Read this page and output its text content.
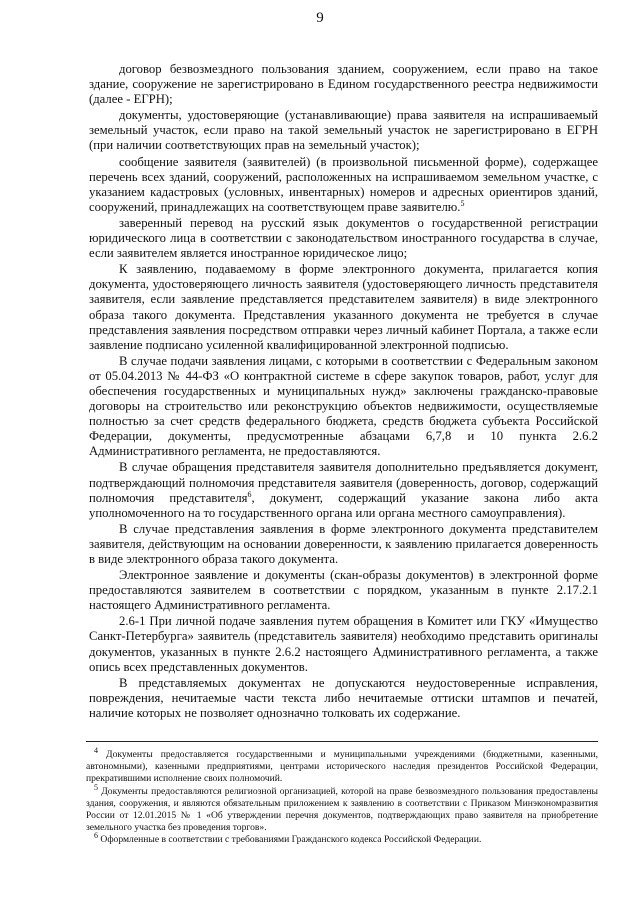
9

договор безвозмездного пользования зданием, сооружением, если право на такое здание, сооружение не зарегистрировано в Едином государственного реестра недвижимости (далее - ЕГРН);

документы, удостоверяющие (устанавливающие) права заявителя на испрашиваемый земельный участок, если право на такой земельный участок не зарегистрировано в ЕГРН (при наличии соответствующих прав на земельный участок);

сообщение заявителя (заявителей) (в произвольной письменной форме), содержащее перечень всех зданий, сооружений, расположенных на испрашиваемом земельном участке, с указанием кадастровых (условных, инвентарных) номеров и адресных ориентиров зданий, сооружений, принадлежащих на соответствующем праве заявителю.$^5$

заверенный перевод на русский язык документов о государственной регистрации юридического лица в соответствии с законодательством иностранного государства в случае, если заявителем является иностранное юридическое лицо;

К заявлению, подаваемому в форме электронного документа, прилагается копия документа, удостоверяющего личность заявителя (удостоверяющего личность представителя заявителя, если заявление представляется представителем заявителя) в виде электронного образа такого документа. Представления указанного документа не требуется в случае представления заявления посредством отправки через личный кабинет Портала, а также если заявление подписано усиленной квалифицированной электронной подписью.

В случае подачи заявления лицами, с которыми в соответствии с Федеральным законом от 05.04.2013 № 44-ФЗ «О контрактной системе в сфере закупок товаров, работ, услуг для обеспечения государственных и муниципальных нужд» заключены гражданско-правовые договоры на строительство или реконструкцию объектов недвижимости, осуществляемые полностью за счет средств федерального бюджета, средств бюджета субъекта Российской Федерации, документы, предусмотренные абзацами 6,7,8 и 10 пункта 2.6.2 Административного регламента, не предоставляются.

В случае обращения представителя заявителя дополнительно предъявляется документ, подтверждающий полномочия представителя заявителя (доверенность, договор, содержащий полномочия представителя$^6$, документ, содержащий указание закона либо акта уполномоченного на то государственного органа или органа местного самоуправления).

В случае представления заявления в форме электронного документа представителем заявителя, действующим на основании доверенности, к заявлению прилагается доверенность в виде электронного образа такого документа.

Электронное заявление и документы (скан-образы документов) в электронной форме предоставляются заявителем в соответствии с порядком, указанным в пункте 2.17.2.1 настоящего Административного регламента.

2.6-1 При личной подаче заявления путем обращения в Комитет или ГКУ «Имущество Санкт-Петербурга» заявитель (представитель заявителя) необходимо представить оригиналы документов, указанных в пункте 2.6.2 настоящего Административного регламента, а также опись всех представленных документов.

В представляемых документах не допускаются неудостоверенные исправления, повреждения, нечитаемые части текста либо нечитаемые оттиски штампов и печатей, наличие которых не позволяет однозначно толковать их содержание.

$^4$ Документы предоставляется государственными и муниципальными учреждениями (бюджетными, казенными, автономными), казенными предприятиями, центрами исторического наследия президентов Российской Федерации, прекратившими исполнение своих полномочий.

$^5$ Документы предоставляются религиозной организацией, которой на праве безвозмездного пользования предоставлены здания, сооружения, и являются обязательным приложением к заявлению в соответствии с Приказом Минэкономразвития России от 12.01.2015 № 1 «Об утверждении перечня документов, подтверждающих право заявителя на приобретение земельного участка без проведения торгов».

$^6$ Оформленные в соответствии с требованиями Гражданского кодекса Российской Федерации.
